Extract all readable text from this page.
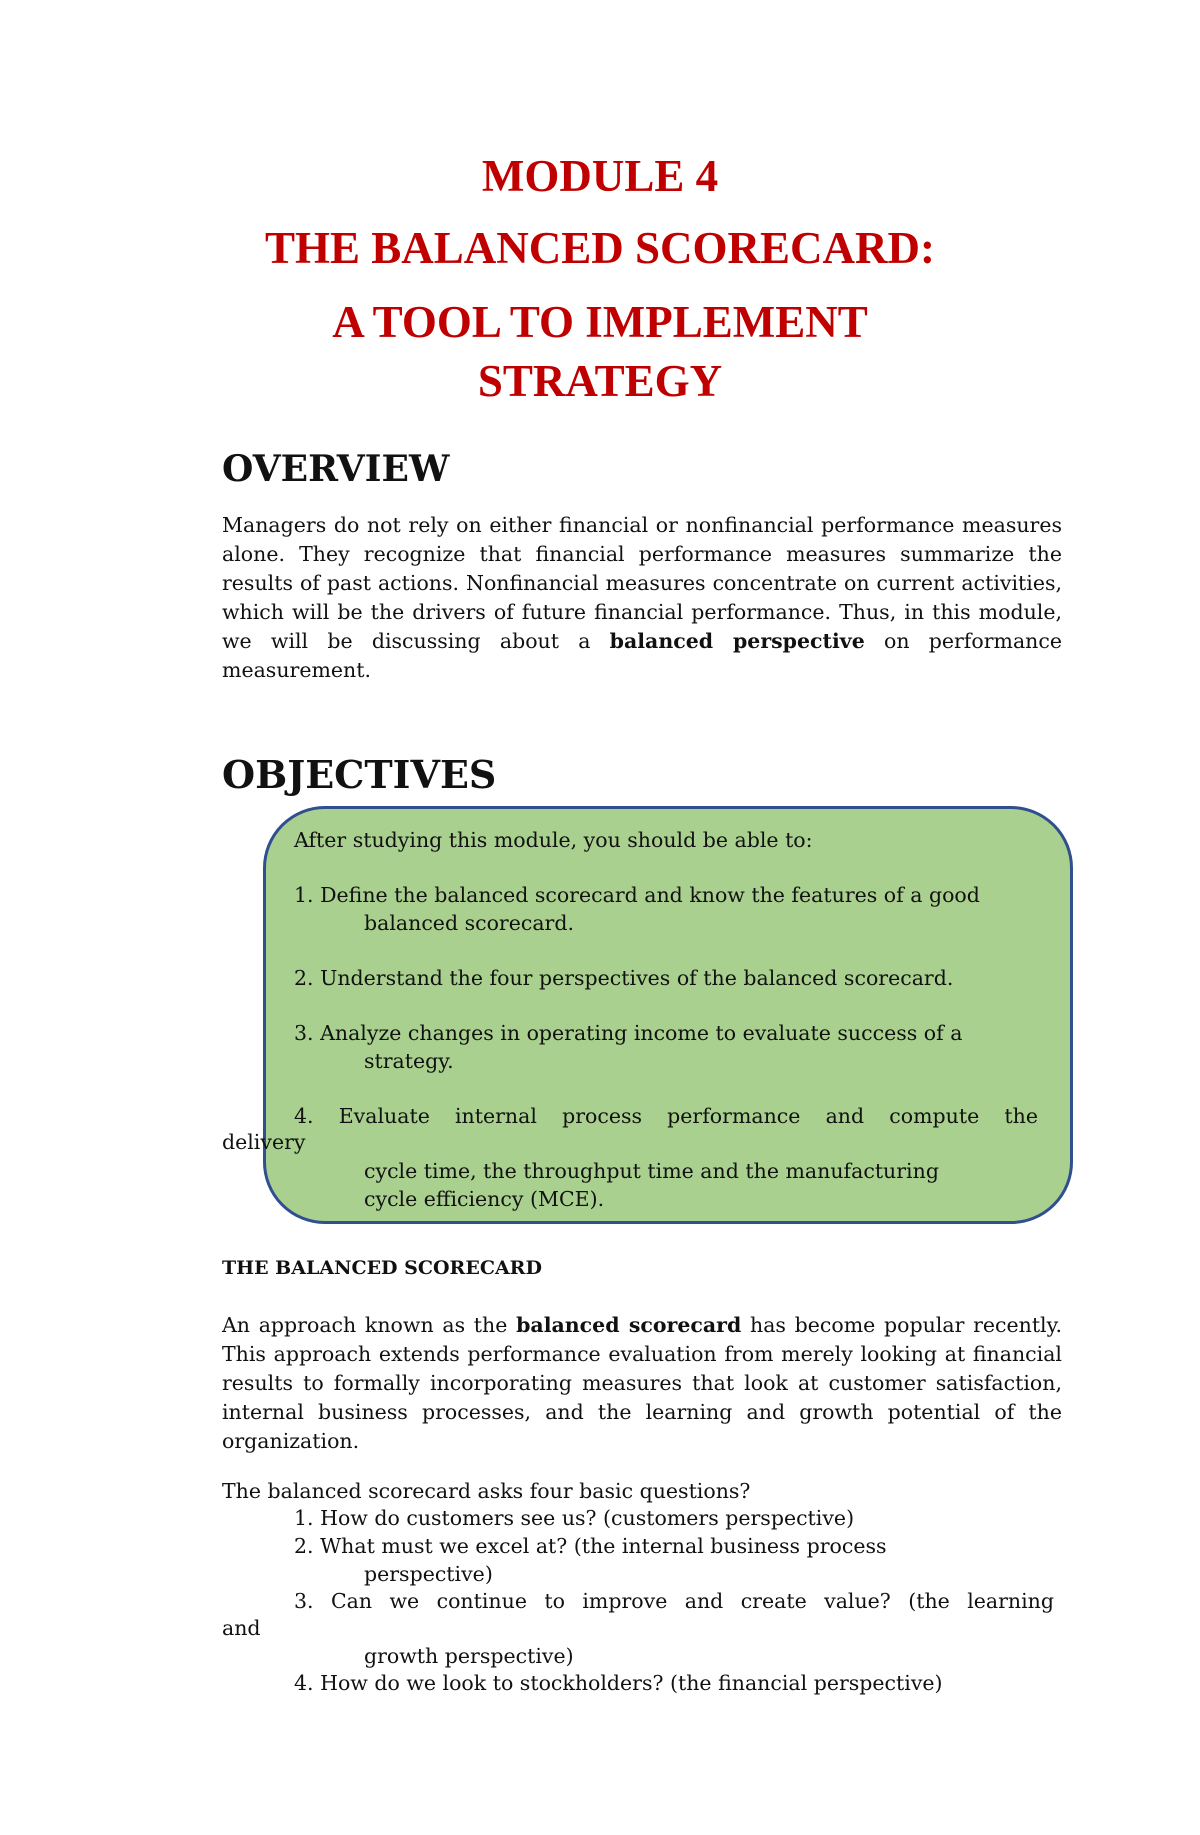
MODULE 4
THE BALANCED SCORECARD:
A TOOL TO IMPLEMENT
STRATEGY
OVERVIEW
Managers do not rely on either financial or nonfinancial performance measures alone. They recognize that financial performance measures summarize the results of past actions. Nonfinancial measures concentrate on current activities, which will be the drivers of future financial performance. Thus, in this module, we will be discussing about a balanced perspective on performance measurement.
OBJECTIVES
After studying this module, you should be able to:
1. Define the balanced scorecard and know the features of a good
balanced scorecard.
2. Understand the four perspectives of the balanced scorecard.
3. Analyze changes in operating income to evaluate success of a
strategy.
4. Evaluate internal process performance and compute the
delivery
cycle time, the throughput time and the manufacturing
cycle efficiency (MCE).
THE BALANCED SCORECARD
An approach known as the balanced scorecard has become popular recently. This approach extends performance evaluation from merely looking at financial results to formally incorporating measures that look at customer satisfaction, internal business processes, and the learning and growth potential of the organization.
The balanced scorecard asks four basic questions?
1. How do customers see us? (customers perspective)
2. What must we excel at? (the internal business process
perspective)
3. Can we continue to improve and create value? (the learning
and
growth perspective)
4. How do we look to stockholders? (the financial perspective)
